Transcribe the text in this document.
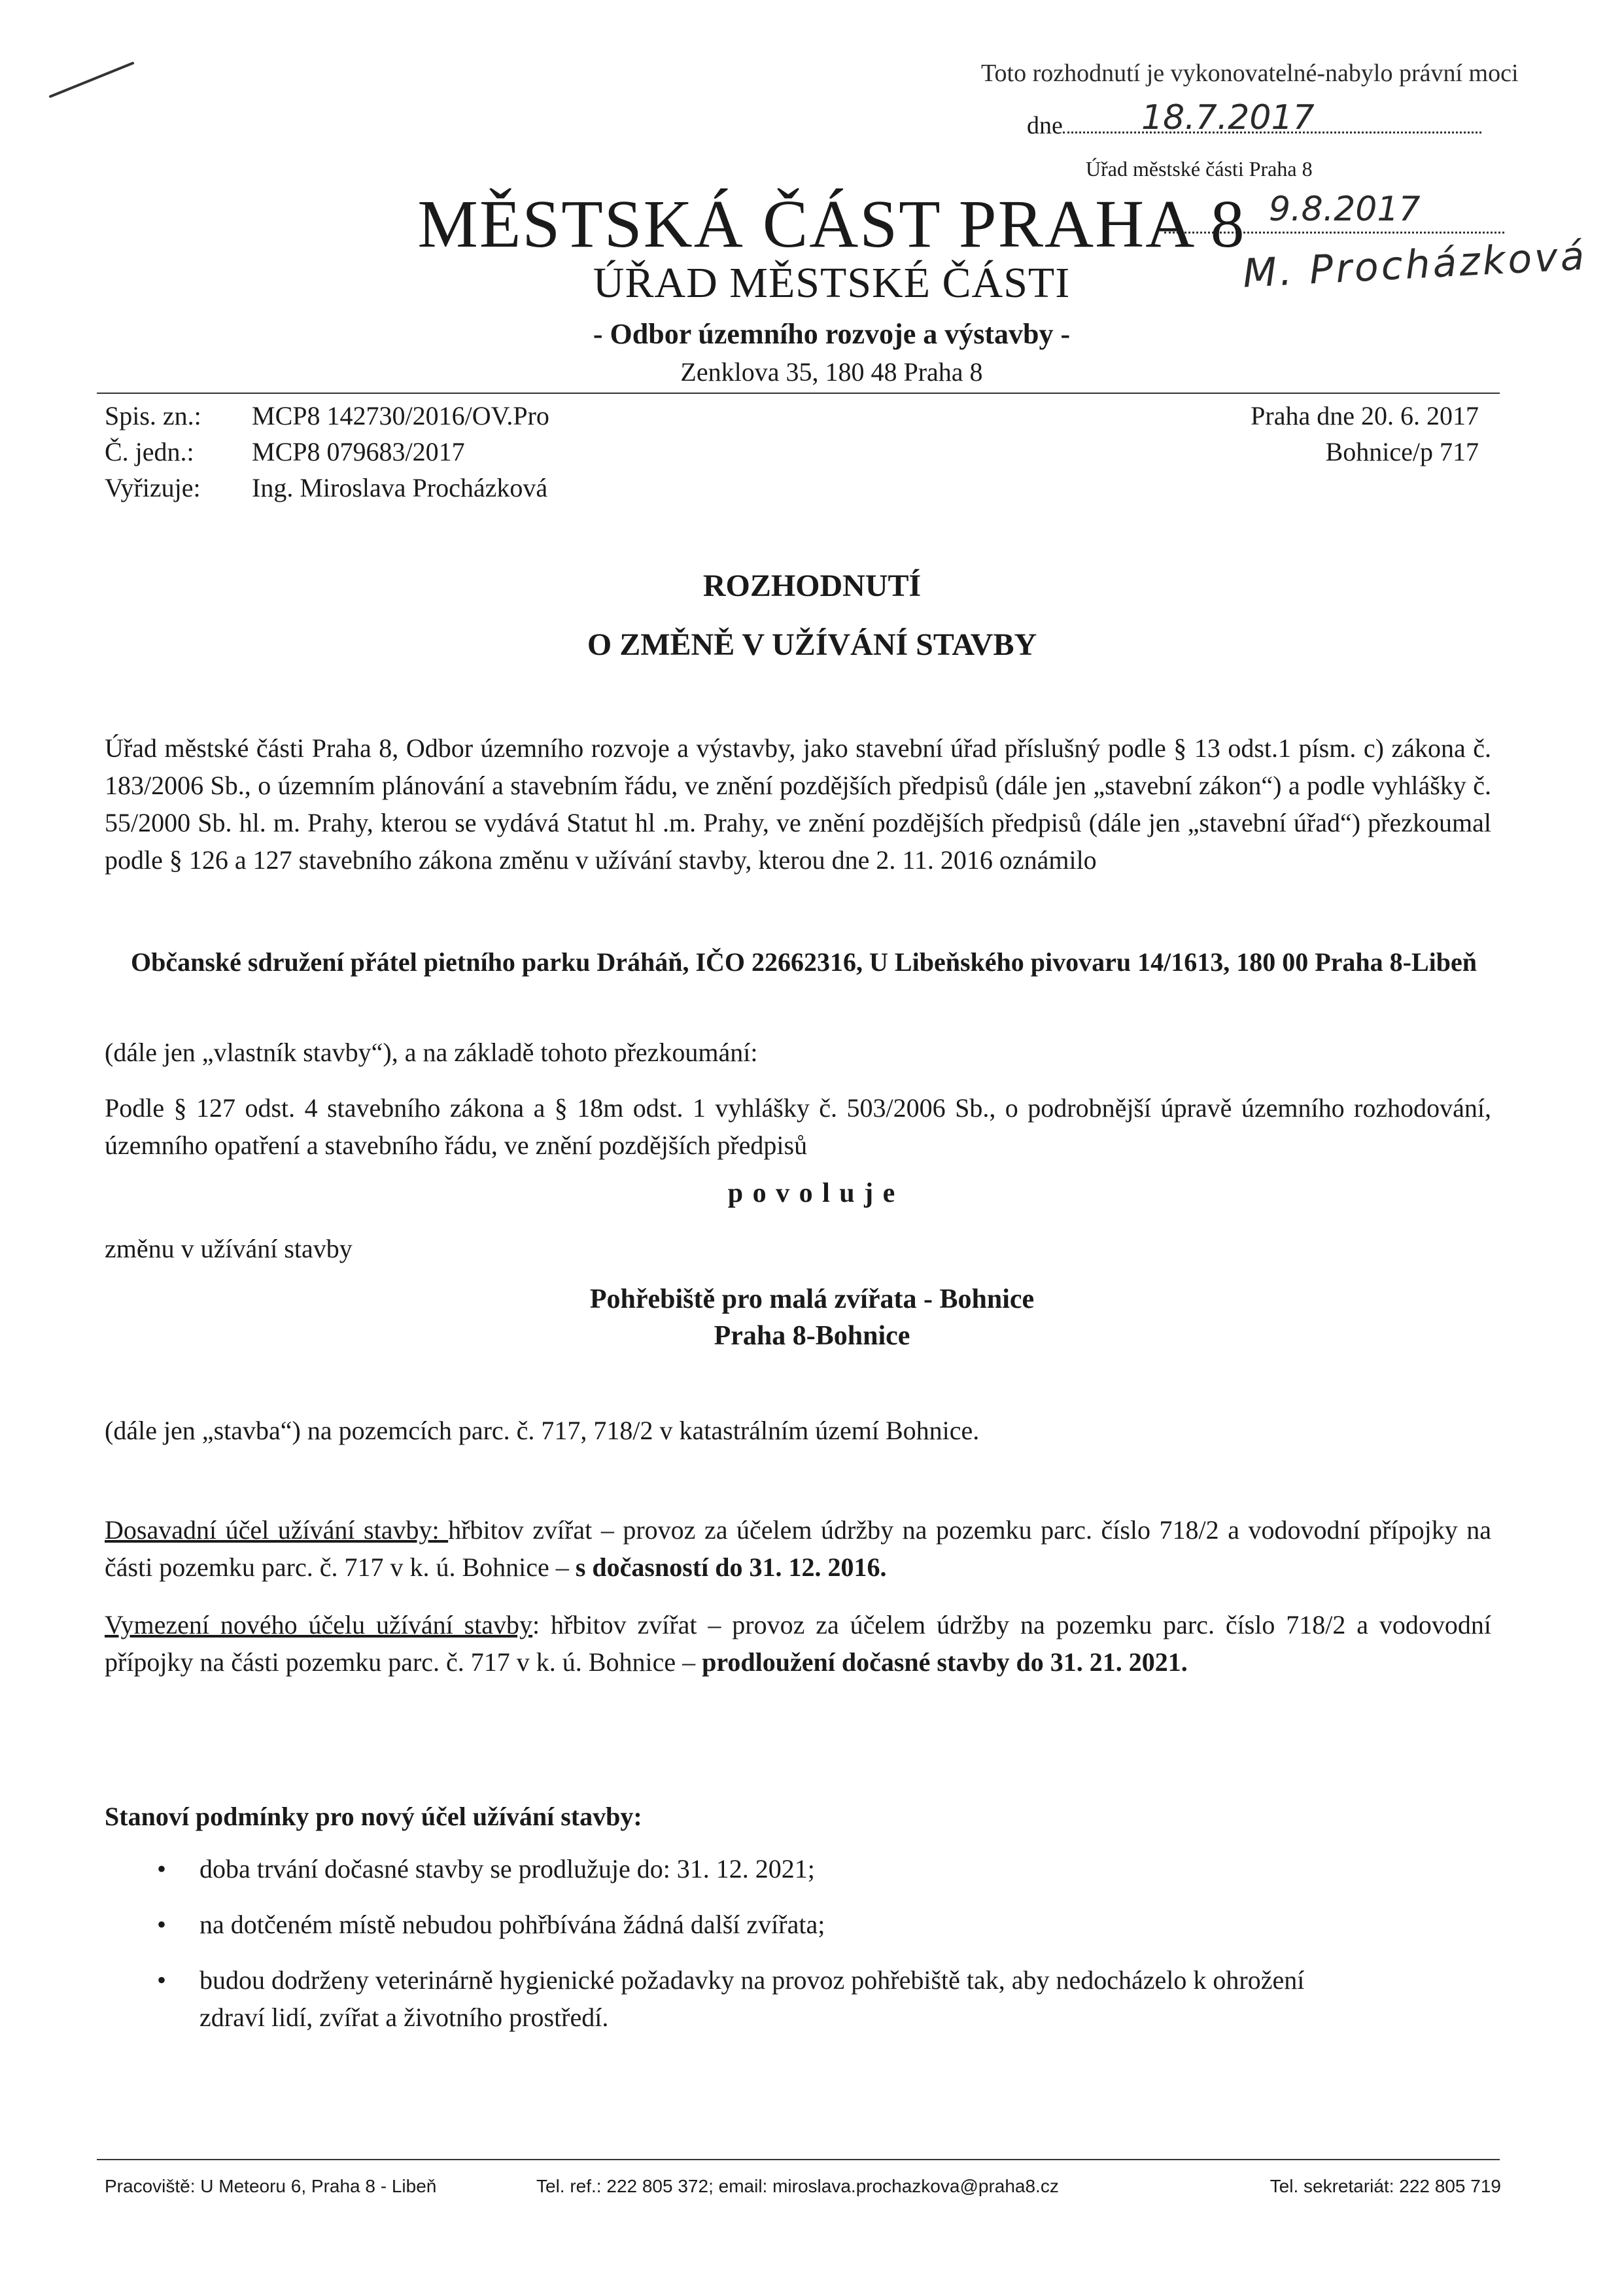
Toto rozhodnutí je vykonovatelné-nabylo právní moci
dne	18.7.2017
Úřad městské části Praha 8
9.8.2017
M. Procházková
MĚSTSKÁ ČÁST PRAHA 8
ÚŘAD MĚSTSKÉ ČÁSTI
- Odbor územního rozvoje a výstavby -
Zenklova 35, 180 48 Praha 8
Spis. zn.: MCP8 142730/2016/OV.Pro
Č. jedn.: MCP8 079683/2017
Vyřizuje: Ing. Miroslava Procházková
Praha dne 20. 6. 2017
Bohnice/p 717
ROZHODNUTÍ
O ZMĚNĚ V UŽÍVÁNÍ STAVBY
Úřad městské části Praha 8, Odbor územního rozvoje a výstavby, jako stavební úřad příslušný podle § 13 odst.1 písm. c) zákona č. 183/2006 Sb., o územním plánování a stavebním řádu, ve znění pozdějších předpisů (dále jen „stavební zákon“) a podle vyhlášky č. 55/2000 Sb. hl. m. Prahy, kterou se vydává Statut hl .m. Prahy, ve znění pozdějších předpisů (dále jen „stavební úřad“) přezkoumal podle § 126 a 127 stavebního zákona změnu v užívání stavby, kterou dne 2. 11. 2016 oznámilo
Občanské sdružení přátel pietního parku Dráháň, IČO 22662316, U Libeňského pivovaru 14/1613, 180 00 Praha 8-Libeň
(dále jen „vlastník stavby“), a na základě tohoto přezkoumání:
Podle § 127 odst. 4 stavebního zákona a § 18m odst. 1 vyhlášky č. 503/2006 Sb., o podrobnější úpravě územního rozhodování, územního opatření a stavebního řádu, ve znění pozdějších předpisů
p o v o l u j e
změnu v užívání stavby
Pohřebiště pro malá zvířata - Bohnice
Praha 8-Bohnice
(dále jen „stavba“) na pozemcích parc. č. 717, 718/2 v katastrálním území Bohnice.
Dosavadní účel užívání stavby: hřbitov zvířat – provoz za účelem údržby na pozemku parc. číslo 718/2 a vodovodní přípojky na části pozemku parc. č. 717 v k. ú. Bohnice – s dočasností do 31. 12. 2016.
Vymezení nového účelu užívání stavby: hřbitov zvířat – provoz za účelem údržby na pozemku parc. číslo 718/2 a vodovodní přípojky na části pozemku parc. č. 717 v k. ú. Bohnice – prodloužení dočasné stavby do 31. 21. 2021.
Stanoví podmínky pro nový účel užívání stavby:
• doba trvání dočasné stavby se prodlužuje do: 31. 12. 2021;
• na dotčeném místě nebudou pohřbívána žádná další zvířata;
• budou dodrženy veterinárně hygienické požadavky na provoz pohřebiště tak, aby nedocházelo k ohrožení zdraví lidí, zvířat a životního prostředí.
Pracoviště: U Meteoru 6, Praha 8 - Libeň	Tel. ref.: 222 805 372; email: miroslava.prochazkova@praha8.cz	Tel. sekretariát: 222 805 719
